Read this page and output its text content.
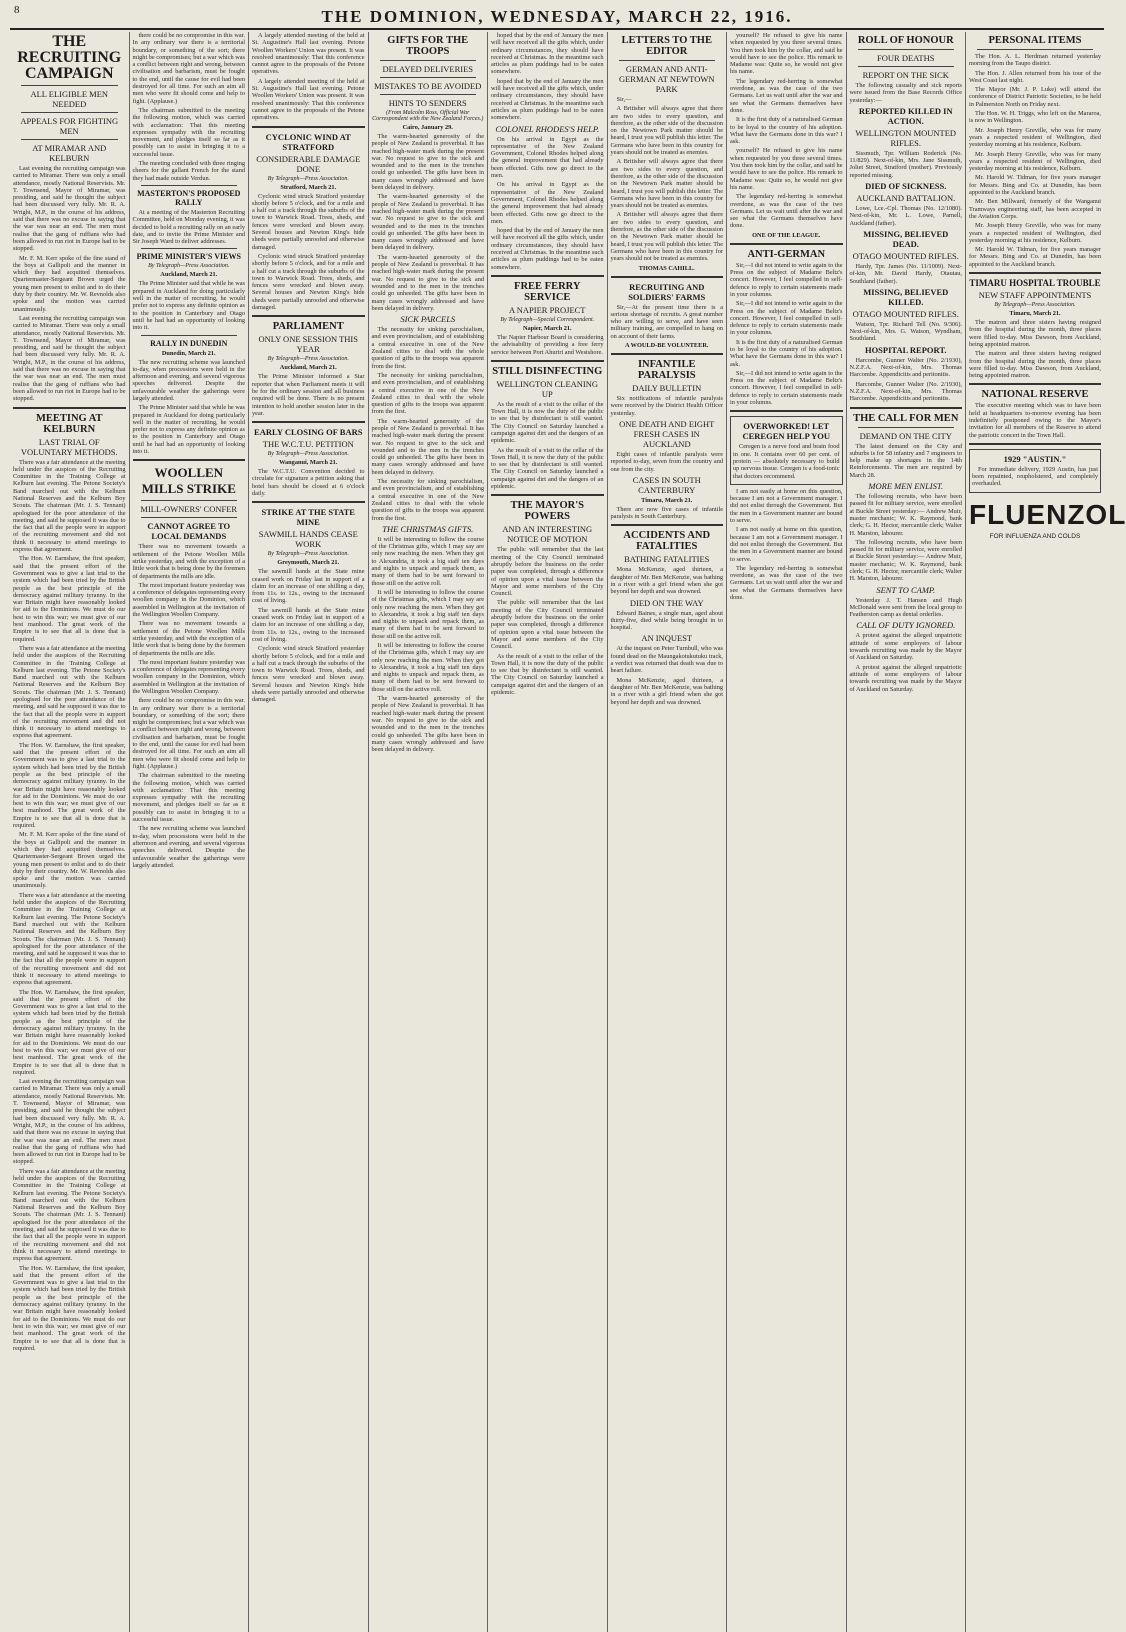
8	THE DOMINION, WEDNESDAY, MARCH 22, 1916.
THE RECRUITING CAMPAIGN
ALL ELIGIBLE MEN NEEDED
APPEALS FOR FIGHTING MEN
AT MIRAMAR AND KELBURN

Last evening the recruiting campaign was carried to Miramar. There was only a small attendance, mostly National Reservists. Mr. T. Townsend, Mayor of Miramar, was presiding, and said he thought the subject had been discussed very fully. Mr. R. A. Wright, M.P., in the course of his address, said that there was no excuse in saying that the war was near an end. The men must realise that the gang of ruffians who had been allowed to run riot in Europe had to be stopped.

Mr. F. M. Kerr spoke of the fine stand of the boys at Gallipoli and the manner in which they had acquitted themselves. Quartermaster-Sergeant Brown urged the young men present to enlist and to do their duty by their country. Mr. W. Revnolds also spoke and the motion was carried unanimously.

Last evening the recruiting campaign was carried to Miramar. There was only a small attendance, mostly National Reservists. Mr. T. Townsend, Mayor of Miramar, was presiding, and said he thought the subject had been discussed very fully. Mr. R. A. Wright, M.P., in the course of his address, said that there was no excuse in saying that the war was near an end. The men must realise that the gang of ruffians who had been allowed to run riot in Europe had to be stopped.

MEETING AT KELBURN
LAST TRIAL OF VOLUNTARY METHODS.

There was a fair attendance at the meeting held under the auspices of the Recruiting Committee in the Training College at Kelburn last evening. The Petone Society's Band marched out with the Kelburn National Reserves and the Kelburn Boy Scouts. The chairman (Mr. J. S. Tennant) apologised for the poor attendance of the meeting, and said he supposed it was due to the fact that all the people were in support of the recruiting movement and did not think it necessary to attend meetings to express that agreement.

The Hon. W. Earnshaw, the first speaker, said that the present effort of the Government was to give a last trial to the system which had been tried by the British people as the best principle of the democracy against military tyranny. In the war Britain might have reasonably looked for aid to the Dominions. We must do our best to win this war; we must give of our best manhood. The great work of the Empire is to see that all is done that is required.

There was a fair attendance at the meeting held under the auspices of the Recruiting Committee in the Training College at Kelburn last evening. The Petone Society's Band marched out with the Kelburn National Reserves and the Kelburn Boy Scouts. The chairman (Mr. J. S. Tennant) apologised for the poor attendance of the meeting, and said he supposed it was due to the fact that all the people were in support of the recruiting movement and did not think it necessary to attend meetings to express that agreement.

The Hon. W. Earnshaw, the first speaker, said that the present effort of the Government was to give a last trial to the system which had been tried by the British people as the best principle of the democracy against military tyranny. In the war Britain might have reasonably looked for aid to the Dominions. We must do our best to win this war; we must give of our best manhood. The great work of the Empire is to see that all is done that is required.

Mr. F. M. Kerr spoke of the fine stand of the boys at Gallipoli and the manner in which they had acquitted themselves. Quartermaster-Sergeant Brown urged the young men present to enlist and to do their duty by their country. Mr. W. Revnolds also spoke and the motion was carried unanimously.

There was a fair attendance at the meeting held under the auspices of the Recruiting Committee in the Training College at Kelburn last evening. The Petone Society's Band marched out with the Kelburn National Reserves and the Kelburn Boy Scouts. The chairman (Mr. J. S. Tennant) apologised for the poor attendance of the meeting, and said he supposed it was due to the fact that all the people were in support of the recruiting movement and did not think it necessary to attend meetings to express that agreement.

The Hon. W. Earnshaw, the first speaker, said that the present effort of the Government was to give a last trial to the system which had been tried by the British people as the best principle of the democracy against military tyranny. In the war Britain might have reasonably looked for aid to the Dominions. We must do our best to win this war; we must give of our best manhood. The great work of the Empire is to see that all is done that is required.

Last evening the recruiting campaign was carried to Miramar. There was only a small attendance, mostly National Reservists. Mr. T. Townsend, Mayor of Miramar, was presiding, and said he thought the subject had been discussed very fully. Mr. R. A. Wright, M.P., in the course of his address, said that there was no excuse in saying that the war was near an end. The men must realise that the gang of ruffians who had been allowed to run riot in Europe had to be stopped.

There was a fair attendance at the meeting held under the auspices of the Recruiting Committee in the Training College at Kelburn last evening. The Petone Society's Band marched out with the Kelburn National Reserves and the Kelburn Boy Scouts. The chairman (Mr. J. S. Tennant) apologised for the poor attendance of the meeting, and said he supposed it was due to the fact that all the people were in support of the recruiting movement and did not think it necessary to attend meetings to express that agreement.

The Hon. W. Earnshaw, the first speaker, said that the present effort of the Government was to give a last trial to the system which had been tried by the British people as the best principle of the democracy against military tyranny. In the war Britain might have reasonably looked for aid to the Dominions. We must do our best to win this war; we must give of our best manhood. The great work of the Empire is to see that all is done that is required.

there could be no compromise in this war. In any ordinary war there is a territorial boundary, or something of the sort; there might be compromises; but a war which was a conflict between right and wrong, between civilisation and barbarism, must be fought to the end, until the cause for evil had been destroyed for all time. For such an aim all men who were fit should come and help to fight. (Applause.)

The chairman submitted to the meeting the following motion, which was carried with acclamation: That this meeting expresses sympathy with the recruiting movement, and pledges itself so far as it possibly can to assist in bringing it to a successful issue.

The meeting concluded with three ringing cheers for the gallant French for the stand they had made outside Verdun.

MASTERTON'S PROPOSED RALLY

At a meeting of the Masterton Recruiting Committee, held on Monday evening, it was decided to hold a recruiting rally on an early date, and to invite the Prime Minister and Sir Joseph Ward to deliver addresses.

PRIME MINISTER'S VIEWS
By Telegraph—Press Association.
Auckland, March 21.

The Prime Minister said that while he was prepared in Auckland for doing particularly well in the matter of recruiting, he would prefer not to express any definite opinion as to the position in Canterbury and Otago until he had had an opportunity of looking into it.

RALLY IN DUNEDIN
Dunedin, March 21.

The new recruiting scheme was launched to-day, when processions were held in the afternoon and evening, and several vigorous speeches delivered. Despite the unfavourable weather the gatherings were largely attended.

The Prime Minister said that while he was prepared in Auckland for doing particularly well in the matter of recruiting, he would prefer not to express any definite opinion as to the position in Canterbury and Otago until he had had an opportunity of looking into it.

WOOLLEN MILLS STRIKE
MILL-OWNERS' CONFER
CANNOT AGREE TO LOCAL DEMANDS

There was no movement towards a settlement of the Petone Woollen Mills strike yesterday, and with the exception of a little work that is being done by the foremen of departments the mills are idle.

The most important feature yesterday was a conference of delegates representing every woollen company in the Dominion, which assembled in Wellington at the invitation of the Wellington Woollen Company.

There was no movement towards a settlement of the Petone Woollen Mills strike yesterday, and with the exception of a little work that is being done by the foremen of departments the mills are idle.

The most important feature yesterday was a conference of delegates representing every woollen company in the Dominion, which assembled in Wellington at the invitation of the Wellington Woollen Company.

there could be no compromise in this war. In any ordinary war there is a territorial boundary, or something of the sort; there might be compromises; but a war which was a conflict between right and wrong, between civilisation and barbarism, must be fought to the end, until the cause for evil had been destroyed for all time. For such an aim all men who were fit should come and help to fight. (Applause.)

The chairman submitted to the meeting the following motion, which was carried with acclamation: That this meeting expresses sympathy with the recruiting movement, and pledges itself so far as it possibly can to assist in bringing it to a successful issue.

The new recruiting scheme was launched to-day, when processions were held in the afternoon and evening, and several vigorous speeches delivered. Despite the unfavourable weather the gatherings were largely attended.

A largely attended meeting of the held at St. Augustine's Hall last evening. Petone Woollen Workers' Union was present. It was resolved unanimously: That this conference cannot agree to the proposals of the Petone operatives.

A largely attended meeting of the held at St. Augustine's Hall last evening. Petone Woollen Workers' Union was present. It was resolved unanimously: That this conference cannot agree to the proposals of the Petone operatives.

CYCLONIC WIND AT STRATFORD
CONSIDERABLE DAMAGE DONE
By Telegraph—Press Association.
Stratford, March 21.

Cyclonic wind struck Stratford yesterday shortly before 5 o'clock, and for a mile and a half cut a track through the suburbs of the town to Warwick Road. Trees, sheds, and fences were wrecked and blown away. Several houses and Newton King's hide sheds were partially unroofed and otherwise damaged.

Cyclonic wind struck Stratford yesterday shortly before 5 o'clock, and for a mile and a half cut a track through the suburbs of the town to Warwick Road. Trees, sheds, and fences were wrecked and blown away. Several houses and Newton King's hide sheds were partially unroofed and otherwise damaged.

PARLIAMENT
ONLY ONE SESSION THIS YEAR
By Telegraph—Press Association.
Auckland, March 21.

The Prime Minister informed a Star reporter that when Parliament meets it will be for the ordinary session and all business required will be done. There is no present intention to hold another session later in the year.

EARLY CLOSING OF BARS
THE W.C.T.U. PETITION
By Telegraph—Press Association.
Wanganui, March 21.

The W.C.T.U. Convention decided to circulate for signature a petition asking that hotel bars should be closed at 6 o'clock daily.

STRIKE AT THE STATE MINE
SAWMILL HANDS CEASE WORK
By Telegraph—Press Association.
Greymouth, March 21.

The sawmill hands at the State mine ceased work on Friday last in support of a claim for an increase of one shilling a day, from 11s. to 12s., owing to the increased cost of living.

The sawmill hands at the State mine ceased work on Friday last in support of a claim for an increase of one shilling a day, from 11s. to 12s., owing to the increased cost of living.

Cyclonic wind struck Stratford yesterday shortly before 5 o'clock, and for a mile and a half cut a track through the suburbs of the town to Warwick Road. Trees, sheds, and fences were wrecked and blown away. Several houses and Newton King's hide sheds were partially unroofed and otherwise damaged.

GIFTS FOR THE TROOPS
DELAYED DELIVERIES
MISTAKES TO BE AVOIDED
HINTS TO SENDERS
(From Malcolm Ross, Official War Correspondent with the New Zealand Forces.)
Cairo, January 29.

The warm-hearted generosity of the people of New Zealand is proverbial. It has reached high-water mark during the present war. No request to give to the sick and wounded and to the men in the trenches could go unheeded. The gifts have been in many cases wrongly addressed and have been delayed in delivery.

The warm-hearted generosity of the people of New Zealand is proverbial. It has reached high-water mark during the present war. No request to give to the sick and wounded and to the men in the trenches could go unheeded. The gifts have been in many cases wrongly addressed and have been delayed in delivery.

The warm-hearted generosity of the people of New Zealand is proverbial. It has reached high-water mark during the present war. No request to give to the sick and wounded and to the men in the trenches could go unheeded. The gifts have been in many cases wrongly addressed and have been delayed in delivery.

SICK PARCELS

The necessity for sinking parochialism, and even provincialism, and of establishing a central executive in one of the New Zealand cities to deal with the whole question of gifts to the troops was apparent from the first.

The necessity for sinking parochialism, and even provincialism, and of establishing a central executive in one of the New Zealand cities to deal with the whole question of gifts to the troops was apparent from the first.

The warm-hearted generosity of the people of New Zealand is proverbial. It has reached high-water mark during the present war. No request to give to the sick and wounded and to the men in the trenches could go unheeded. The gifts have been in many cases wrongly addressed and have been delayed in delivery.

The necessity for sinking parochialism, and even provincialism, and of establishing a central executive in one of the New Zealand cities to deal with the whole question of gifts to the troops was apparent from the first.

THE CHRISTMAS GIFTS.

It will be interesting to follow the course of the Christmas gifts, which I may say are only now reaching the men. When they got to Alexandria, it took a big staff ten days and nights to unpack and repack them, as many of them had to be sent forward to those still on the active roll.

It will be interesting to follow the course of the Christmas gifts, which I may say are only now reaching the men. When they got to Alexandria, it took a big staff ten days and nights to unpack and repack them, as many of them had to be sent forward to those still on the active roll.

It will be interesting to follow the course of the Christmas gifts, which I may say are only now reaching the men. When they got to Alexandria, it took a big staff ten days and nights to unpack and repack them, as many of them had to be sent forward to those still on the active roll.

The warm-hearted generosity of the people of New Zealand is proverbial. It has reached high-water mark during the present war. No request to give to the sick and wounded and to the men in the trenches could go unheeded. The gifts have been in many cases wrongly addressed and have been delayed in delivery.

hoped that by the end of January the men will have received all the gifts which, under ordinary circumstances, they should have received at Christmas. In the meantime such articles as plum puddings had to be eaten somewhere.

hoped that by the end of January the men will have received all the gifts which, under ordinary circumstances, they should have received at Christmas. In the meantime such articles as plum puddings had to be eaten somewhere.

COLONEL RHODES'S HELP.

On his arrival in Egypt as the representative of the New Zealand Government, Colonel Rhodes helped along the general improvement that had already been effected. Gifts now go direct to the men.

On his arrival in Egypt as the representative of the New Zealand Government, Colonel Rhodes helped along the general improvement that had already been effected. Gifts now go direct to the men.

hoped that by the end of January the men will have received all the gifts which, under ordinary circumstances, they should have received at Christmas. In the meantime such articles as plum puddings had to be eaten somewhere.

FREE FERRY SERVICE
A NAPIER PROJECT
By Telegraph—Special Correspondent.
Napier, March 21.

The Napier Harbour Board is considering the advisability of providing a free ferry service between Port Ahuriri and Westshore.

STILL DISINFECTING
WELLINGTON CLEANING UP

As the result of a visit to the cellar of the Town Hall, it is now the duty of the public to see that by disinfectant is still wanted. The City Council on Saturday launched a campaign against dirt and the dangers of an epidemic.

As the result of a visit to the cellar of the Town Hall, it is now the duty of the public to see that by disinfectant is still wanted. The City Council on Saturday launched a campaign against dirt and the dangers of an epidemic.

THE MAYOR'S POWERS
AND AN INTERESTING NOTICE OF MOTION

The public will remember that the last meeting of the City Council terminated abruptly before the business on the order paper was completed, through a difference of opinion upon a vital issue between the Mayor and some members of the City Council.

The public will remember that the last meeting of the City Council terminated abruptly before the business on the order paper was completed, through a difference of opinion upon a vital issue between the Mayor and some members of the City Council.

As the result of a visit to the cellar of the Town Hall, it is now the duty of the public to see that by disinfectant is still wanted. The City Council on Saturday launched a campaign against dirt and the dangers of an epidemic.

LETTERS TO THE EDITOR
GERMAN AND ANTI-GERMAN AT NEWTOWN PARK

Sir,—

A Britisher will always agree that there are two sides to every question, and therefore, as the other side of the discussion on the Newtown Park matter should be heard, I trust you will publish this letter. The Germans who have been in this country for years should not be treated as enemies.

A Britisher will always agree that there are two sides to every question, and therefore, as the other side of the discussion on the Newtown Park matter should be heard, I trust you will publish this letter. The Germans who have been in this country for years should not be treated as enemies.

A Britisher will always agree that there are two sides to every question, and therefore, as the other side of the discussion on the Newtown Park matter should be heard, I trust you will publish this letter. The Germans who have been in this country for years should not be treated as enemies.

THOMAS CAHILL.
RECRUITING AND SOLDIERS' FARMS

Sir,—At the present time there is a serious shortage of recruits. A great number who are willing to serve, and have seen military training, are compelled to hang on on account of their farms.

A WOULD-BE VOLUNTEER.
INFANTILE PARALYSIS
DAILY BULLETIN

Six notifications of infantile paralysis were received by the District Health Officer yesterday.

ONE DEATH AND EIGHT FRESH CASES IN AUCKLAND

Eight cases of infantile paralysis were reported to-day, seven from the country and one from the city.

CASES IN SOUTH CANTERBURY
Timaru, March 21.

There are now five cases of infantile paralysis in South Canterbury.

ACCIDENTS AND FATALITIES
BATHING FATALITIES

Mona McKenzie, aged thirteen, a daughter of Mr. Ben McKenzie, was bathing in a river with a girl friend when she got beyond her depth and was drowned.

DIED ON THE WAY

Edward Baines, a single man, aged about thirty-five, died while being brought in to hospital.

AN INQUEST

At the inquest on Peter Turnbull, who was found dead on the Maungakotukutuku track, a verdict was returned that death was due to heart failure.

Mona McKenzie, aged thirteen, a daughter of Mr. Ben McKenzie, was bathing in a river with a girl friend when she got beyond her depth and was drowned.

yourself? He refused to give his name when requested by you three several times. You then took him by the collar, and said he would have to see the police. His remark to Madame was: Quite so, he would not give his name.

The legendary red-herring is somewhat overdone, as was the case of the two Germans. Let us wait until after the war and see what the Germans themselves have done.

It is the first duty of a naturalised German to be loyal to the country of his adoption. What have the Germans done in this war? I ask.

yourself? He refused to give his name when requested by you three several times. You then took him by the collar, and said he would have to see the police. His remark to Madame was: Quite so, he would not give his name.

The legendary red-herring is somewhat overdone, as was the case of the two Germans. Let us wait until after the war and see what the Germans themselves have done.

ONE OF THE LEAGUE.
ANTI-GERMAN

Sir,—I did not intend to write again to the Press on the subject of Madame Beltz's concert. However, I feel compelled in self-defence to reply to certain statements made in your columns.

Sir,—I did not intend to write again to the Press on the subject of Madame Beltz's concert. However, I feel compelled in self-defence to reply to certain statements made in your columns.

It is the first duty of a naturalised German to be loyal to the country of his adoption. What have the Germans done in this war? I ask.

Sir,—I did not intend to write again to the Press on the subject of Madame Beltz's concert. However, I feel compelled in self-defence to reply to certain statements made in your columns.

OVERWORKED! LET CEREGEN HELP YOU

Ceregen is a nerve food and brain food in one. It contains over 60 per cent. of protein — absolutely necessary to build up nervous tissue. Ceregen is a food-tonic that doctors recommend.

I am not easily at home on this question, because I am not a Government manager. I did not enlist through the Government. But the men in a Government manner are bound to serve.

I am not easily at home on this question, because I am not a Government manager. I did not enlist through the Government. But the men in a Government manner are bound to serve.

The legendary red-herring is somewhat overdone, as was the case of the two Germans. Let us wait until after the war and see what the Germans themselves have done.

ROLL OF HONOUR
FOUR DEATHS
REPORT ON THE SICK

The following casualty and sick reports were issued from the Base Records Office yesterday:—

REPORTED KILLED IN ACTION.
WELLINGTON MOUNTED RIFLES.

Sissmuth, Tpr. William Roderick (No. 11/829). Next-of-kin, Mrs. Jane Sissmuth, Joliet Street, Stratford (mother). Previously reported missing.

DIED OF SICKNESS.
AUCKLAND BATTALION.

Lowe, Lce.-Cpl. Thomas (No. 12/1080). Next-of-kin, Mr. L. Lowe, Parnell, Auckland (father).

MISSING, BELIEVED DEAD.
OTAGO MOUNTED RIFLES.

Hardy, Tpr. James (No. 11/1009). Next-of-kin, Mr. David Hardy, Otautau, Southland (father).

MISSING, BELIEVED KILLED.
OTAGO MOUNTED RIFLES.

Watson, Tpr. Richard Tell (No. 9/306). Next-of-kin, Mrs. G. Watson, Wyndham, Southland.

HOSPITAL REPORT.

Harcombe, Gunner Walter (No. 2/1930), N.Z.F.A. Next-of-kin, Mrs. Thomas Harcombe. Appendicitis and peritonitis.

Harcombe, Gunner Walter (No. 2/1930), N.Z.F.A. Next-of-kin, Mrs. Thomas Harcombe. Appendicitis and peritonitis.

THE CALL FOR MEN
DEMAND ON THE CITY

The latest demand on the City and suburbs is for 58 infantry and 7 engineers to help make up shortages in the 14th Reinforcements. The men are required by March 28.

MORE MEN ENLIST.

The following recruits, who have been passed fit for military service, were enrolled at Buckle Street yesterday:— Andrew Muir, master mechanic; W. K. Raymond, bank clerk; G. H. Hector, mercantile clerk; Walter H. Marston, labourer.

The following recruits, who have been passed fit for military service, were enrolled at Buckle Street yesterday:— Andrew Muir, master mechanic; W. K. Raymond, bank clerk; G. H. Hector, mercantile clerk; Walter H. Marston, labourer.

SENT TO CAMP.

Yesterday J. T. Hansen and Hugh McDonald were sent from the local group to Featherston camp as dental orderlies.

CALL OF DUTY IGNORED.

A protest against the alleged unpatriotic attitude of some employers of labour towards recruiting was made by the Mayor of Auckland on Saturday.

A protest against the alleged unpatriotic attitude of some employers of labour towards recruiting was made by the Mayor of Auckland on Saturday.

PERSONAL ITEMS

The Hon. A. L. Herdman returned yesterday morning from the Taupo district.

The Hon. J. Allen returned from his tour of the West Coast last night.

The Mayor (Mr. J. P. Luke) will attend the conference of District Patriotic Societies, to be held in Palmerston North on Friday next.

The Hon. W. H. Triggs, who left on the Mararoa, is now in Wellington.

Mr. Joseph Henry Greville, who was for many years a respected resident of Wellington, died yesterday morning at his residence, Kelburn.

Mr. Joseph Henry Greville, who was for many years a respected resident of Wellington, died yesterday morning at his residence, Kelburn.

Mr. Harold W. Tidman, for five years manager for Messrs. Bing and Co. at Dunedin, has been appointed to the Auckland branch.

Mr. Ben Millward, formerly of the Wanganui Tramways engineering staff, has been accepted in the Aviation Corps.

Mr. Joseph Henry Greville, who was for many years a respected resident of Wellington, died yesterday morning at his residence, Kelburn.

Mr. Harold W. Tidman, for five years manager for Messrs. Bing and Co. at Dunedin, has been appointed to the Auckland branch.

TIMARU HOSPITAL TROUBLE
NEW STAFF APPOINTMENTS
By Telegraph—Press Association.
Timaru, March 21.

The matron and three sisters having resigned from the hospital during the month, three places were filled to-day. Miss Dawson, from Auckland, being appointed matron.

The matron and three sisters having resigned from the hospital during the month, three places were filled to-day. Miss Dawson, from Auckland, being appointed matron.

NATIONAL RESERVE

The executive meeting which was to have been held at headquarters to-morrow evening has been indefinitely postponed owing to the Mayor's invitation for all members of the Reserve to attend the patriotic concert in the Town Hall.

1929 "AUSTIN."

For immediate delivery, 1929 Austin, has just been repainted, reupholstered, and completely overhauled.

FLUENZOL
FOR INFLUENZA AND COLDS
